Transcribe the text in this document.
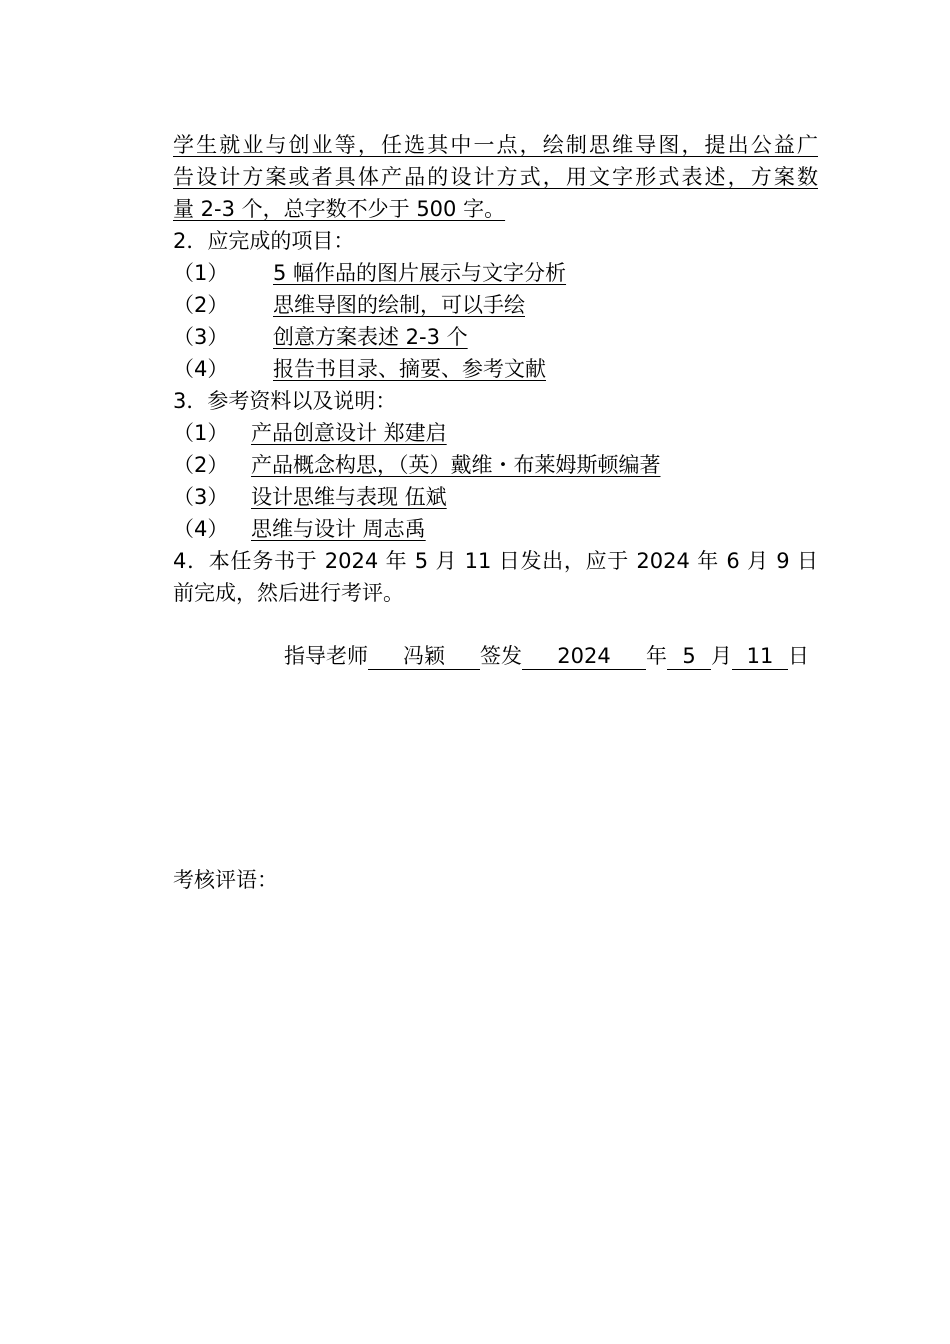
学生就业与创业等，任选其中一点，绘制思维导图，提出公益广
告设计方案或者具体产品的设计方式，用文字形式表述，方案数
量 2-3 个，总字数不少于 500 字。
2．应完成的项目：
（1） 5 幅作品的图片展示与文字分析
（2） 思维导图的绘制，可以手绘
（3） 创意方案表述 2-3 个
（4） 报告书目录、摘要、参考文献
3．参考资料以及说明：
（1） 产品创意设计 郑建启
（2） 产品概念构思，（英）戴维・布莱姆斯顿编著
（3） 设计思维与表现 伍斌
（4） 思维与设计 周志禹
4．本任务书于 2024 年 5 月 11 日发出，应于 2024 年 6 月 9 日
前完成，然后进行考评。
指导老师 冯颖 签发 2024 年 5 月 11 日
考核评语：
